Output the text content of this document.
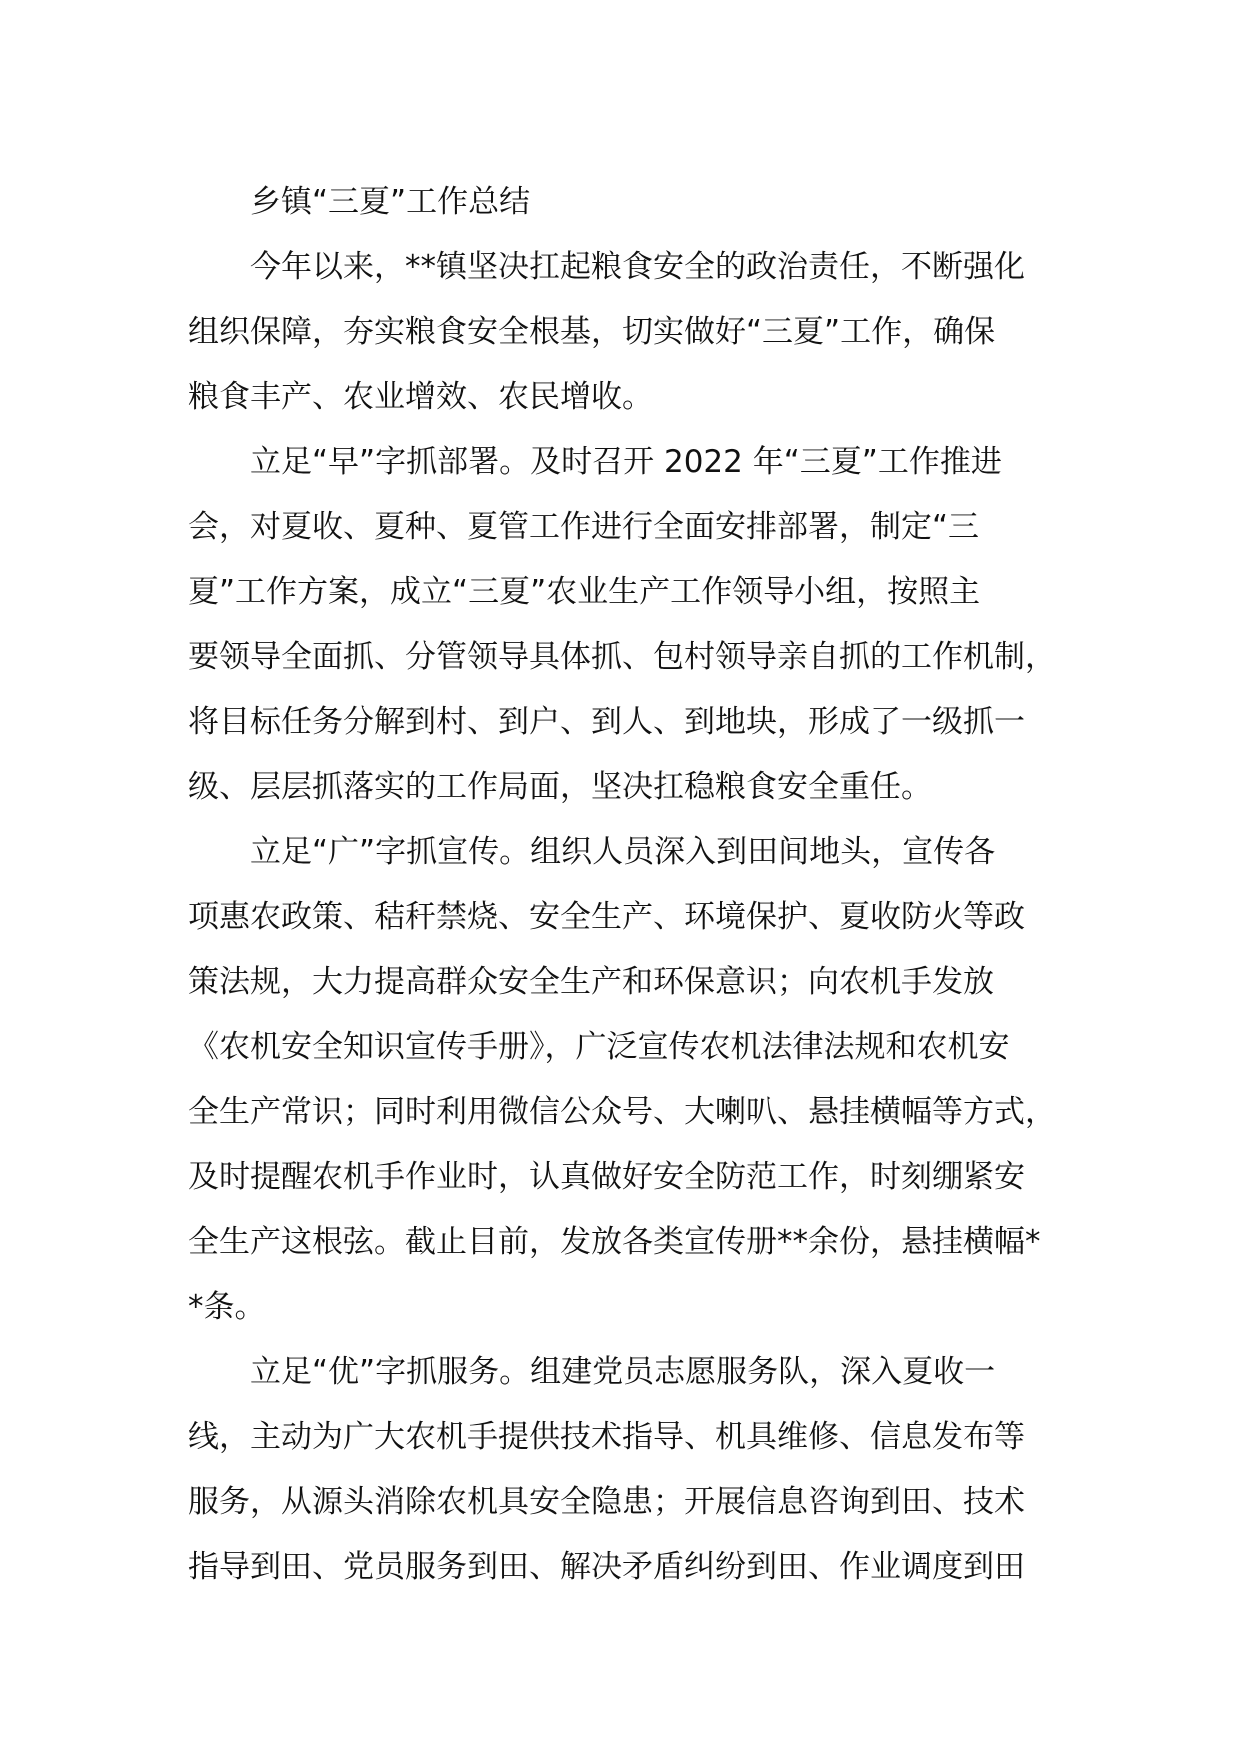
乡镇“三夏”工作总结
今年以来，**镇坚决扛起粮食安全的政治责任，不断强化
组织保障，夯实粮食安全根基，切实做好“三夏”工作，确保
粮食丰产、农业增效、农民增收。
立足“早”字抓部署。及时召开 2022 年“三夏”工作推进
会，对夏收、夏种、夏管工作进行全面安排部署，制定“三
夏”工作方案，成立“三夏”农业生产工作领导小组，按照主
要领导全面抓、分管领导具体抓、包村领导亲自抓的工作机制，
将目标任务分解到村、到户、到人、到地块，形成了一级抓一
级、层层抓落实的工作局面，坚决扛稳粮食安全重任。
立足“广”字抓宣传。组织人员深入到田间地头，宣传各
项惠农政策、秸秆禁烧、安全生产、环境保护、夏收防火等政
策法规，大力提高群众安全生产和环保意识；向农机手发放
《农机安全知识宣传手册》，广泛宣传农机法律法规和农机安
全生产常识；同时利用微信公众号、大喇叭、悬挂横幅等方式，
及时提醒农机手作业时，认真做好安全防范工作，时刻绷紧安
全生产这根弦。截止目前，发放各类宣传册**余份，悬挂横幅*
*条。
立足“优”字抓服务。组建党员志愿服务队，深入夏收一
线，主动为广大农机手提供技术指导、机具维修、信息发布等
服务，从源头消除农机具安全隐患；开展信息咨询到田、技术
指导到田、党员服务到田、解决矛盾纠纷到田、作业调度到田
